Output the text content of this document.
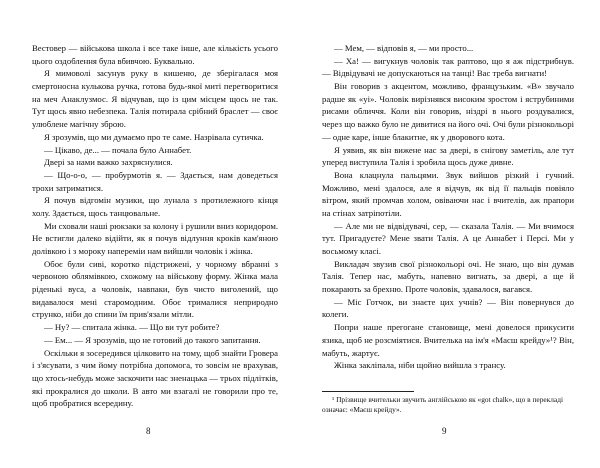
Вестовер — військова школа і все таке інше, але кількість уcього цього оздоблення була вбивчою. Буквально.

Я мимоволі засунув руку в кишеню, де зберігалася моя смертоносна кулькова ручка, готова будь-якої миті перетворитися на меч Анаклузмос. Я відчував, що із цим місцем щось не так. Тут щось явно небезпека. Талія потирала срібний браслет — своє улюблене магічну зброю.

Я зрозумів, що ми думаємо про те саме. Назрівала сутичка.

— Цікаво, де... — почала було Аннабет.

Двері за нами важко захряснулися.

— Що-о-о, — пробурмотів я. — Здається, нам доведеться трохи затриматися.

Я почув відгомін музики, що лунала з протилежного кінця холу. Здається, щось танцювальне.

Ми сховали наші рюкзаки за колону і рушили вниз коридором. Не встигли далеко відійти, як я почув відлуння кроків кам'яною долівкою і з мороку напереміи нам вийшли чоловік і жінка.

Обоє були сиві, коротко підстрижені, у чорному вбранні з червоною облямівкою, схожому на військову форму. Жінка мала ріденькі вуса, а чоловік, навпаки, був чисто виголений, що видавалося мені старомодним. Обоє трималися неприродно струнко, ніби до спини їм прив'язали мітли.

— Ну? — спитала жінка. — Що ви тут робите?

— Ем... — Я зрозумів, що не готовий до такого запитання.

Оскільки я зосередився цілковито на тому, щоб знайти Гровера і з'ясувати, з чим йому потрібна допомога, то зовсім не врахував, що хтось-небудь може заскочити нас зненацька — трьох підлітків, які прокралися до школи. В авто ми взагалі не говорили про те, щоб пробратися всередину.

8

— Мем, — відповів я, — ми просто...

— Ха! — вигукнув чоловік так раптово, що я аж підстрибнув. — Відвідувачі не допускаються на танці! Вас треба вигнати!

Він говорив з акцентом, можливо, французьким. «В» звучало радше як «уі». Чоловік вирізнявся високим зростом і яструбиними рисами обличчя. Коли він говорив, ніздрі в нього роздувалися, через що важко було не дивитися на його очі. Очі були різнокольорі — одне каре, інше блакитне, як у дворового кота.

Я уявив, як він вижене нас за двері, в снігову заметіль, але тут уперед виступила Талія і зробила щось дуже дивне.

Вона клацнула пальцями. Звук вийшов різкий і гучний. Можливо, мені здалося, але я відчув, як від її пальців повіяло вітром, який промчав холом, овіваючи нас і вчителів, аж прапори на стінах затріпотіли.

— Але ми не відвідувачі, сер, — сказала Талія. — Ми вчимося тут. Пригадуєте? Мене звати Талія. А це Аннабет і Персі. Ми у восьмому класі.

Викладач звузив свої різнокольорі очі. Не знаю, що він думав Талія. Тепер нас, мабуть, напевно вигнать, за двері, а ще й покарають за брехню. Проте чоловік, здавалося, вагався.

— Міс Готчок, ви знаєте цих учнів? — Він повернувся до колеги.

Попри наше прегогане становище, мені довелося прикусити язика, щоб не розсміятися. Вчителька на ім'я «Масш крейду»¹? Він, мабуть, жартує.

Жінка закліпала, ніби щойно вийшла з трансу.

¹ Прізвище вчительки звучить англійською як «got chalk», що в перекладі означає: «Маєш крейду».

9
